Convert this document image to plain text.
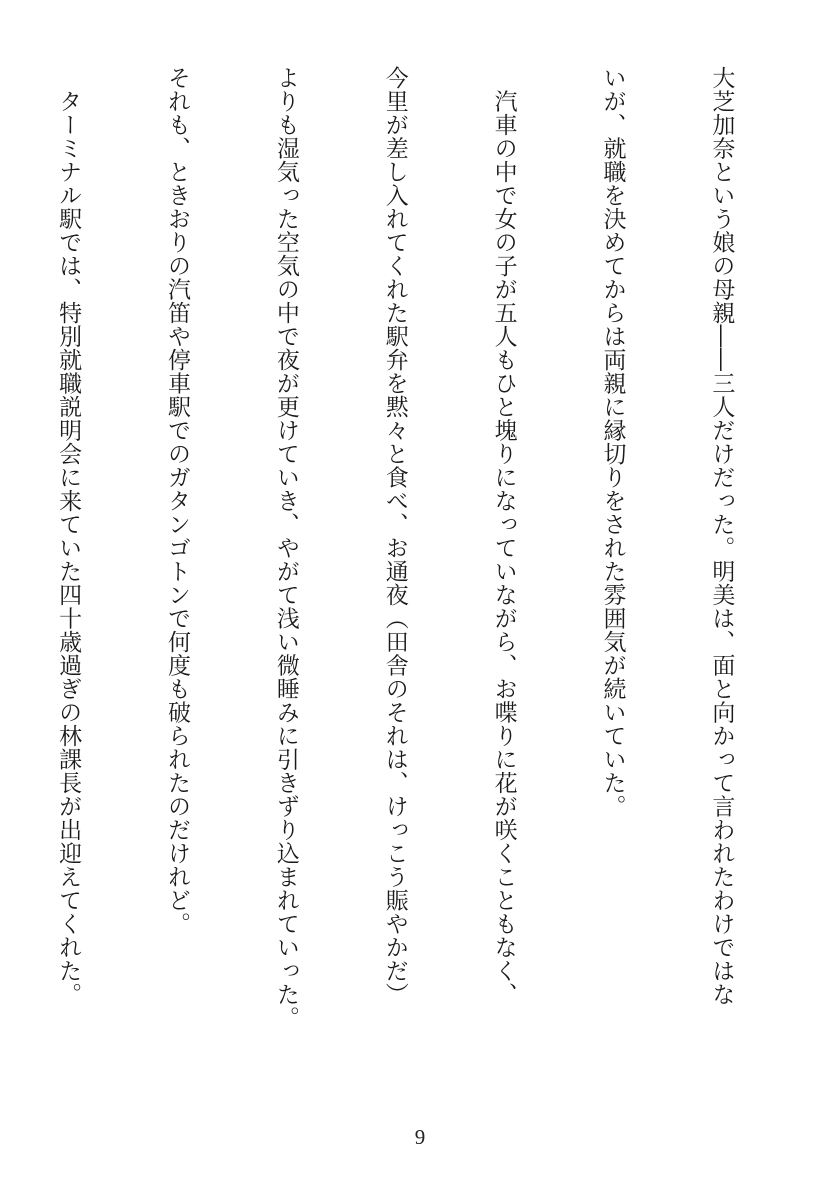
大芝加奈という娘の母親――三人だけだった。明美は、面と向かって言われたわけではな

いが、就職を決めてからは両親に縁切りをされた雰囲気が続いていた。

　汽車の中で女の子が五人もひと塊りになっていながら、お喋りに花が咲くこともなく、

今里が差し入れてくれた駅弁を黙々と食べ、お通夜（田舎のそれは、けっこう賑やかだ）

よりも湿気った空気の中で夜が更けていき、やがて浅い微睡みに引きずり込まれていった。

それも、ときおりの汽笛や停車駅でのガタンゴトンで何度も破られたのだけれど。

　ターミナル駅では、特別就職説明会に来ていた四十歳過ぎの林課長が出迎えてくれた。

9
